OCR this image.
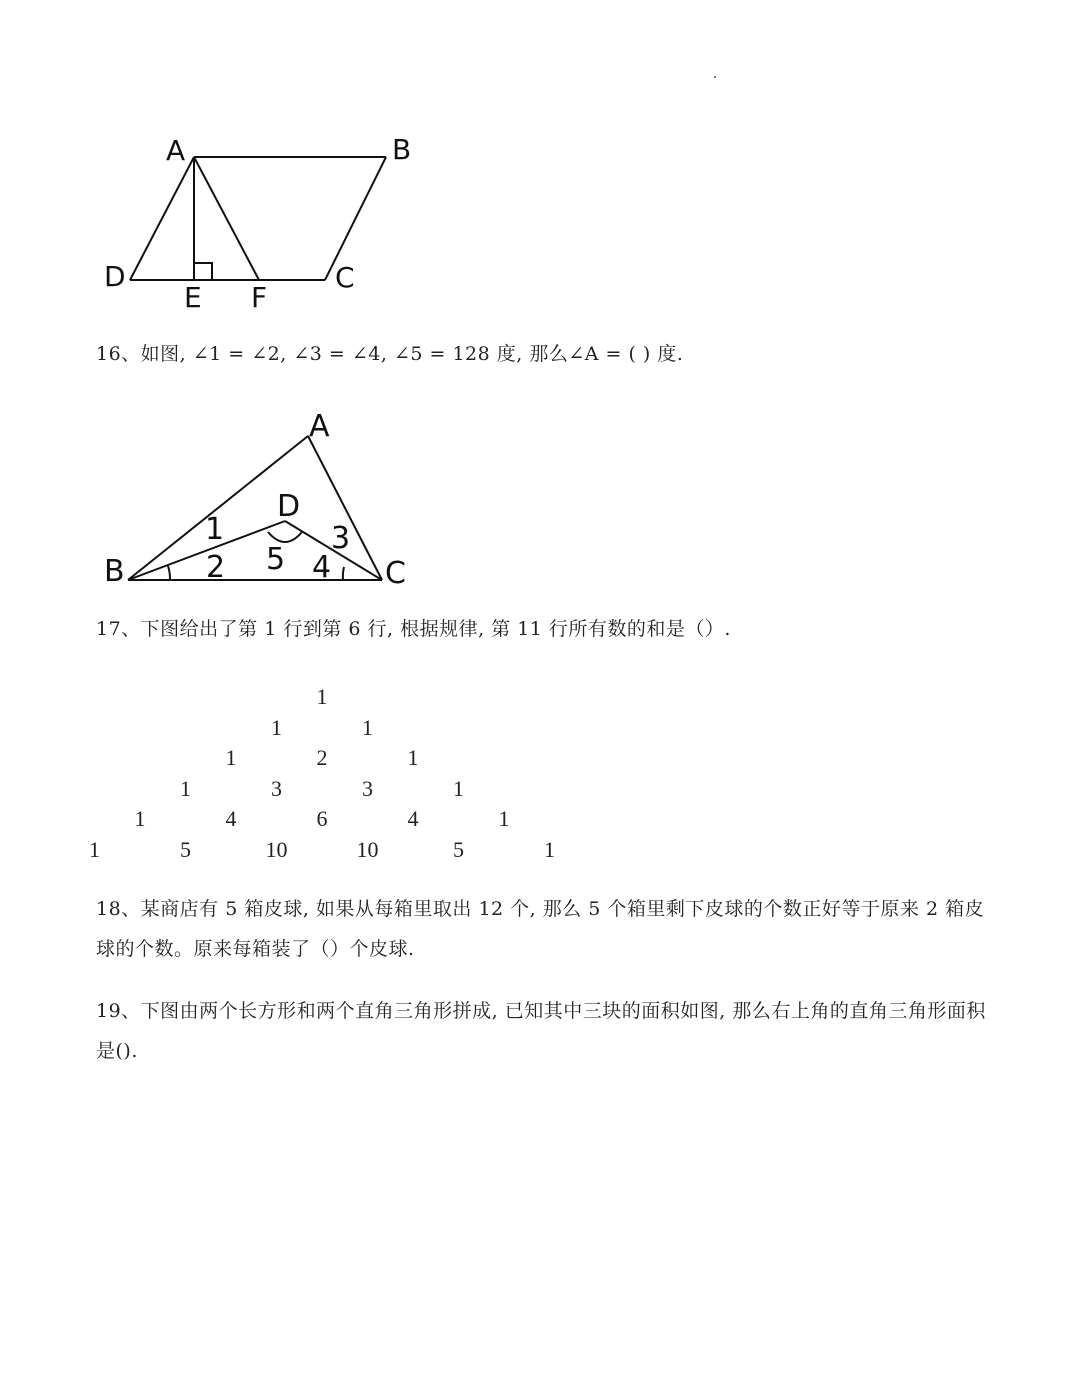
A	B
C
D
E F

16、如图, ∠1 = ∠2, ∠3 = ∠4, ∠5 = 128 度, 那么∠A = ( ) 度.

A
B	C
D
1
2
3
4
5

17、下图给出了第 1 行到第 6 行, 根据规律, 第 11 行所有数的和是（）.

1
1	1
1	2	1
1	3	3	1
1	4	6	4	1
1	5	10	10	5	1

18、某商店有 5 箱皮球, 如果从每箱里取出 12 个, 那么 5 个箱里剩下皮球的个数正好等于原来 2 箱皮球的个数。原来每箱装了（）个皮球.

19、下图由两个长方形和两个直角三角形拼成, 已知其中三块的面积如图, 那么右上角的直角三角形面积是().
